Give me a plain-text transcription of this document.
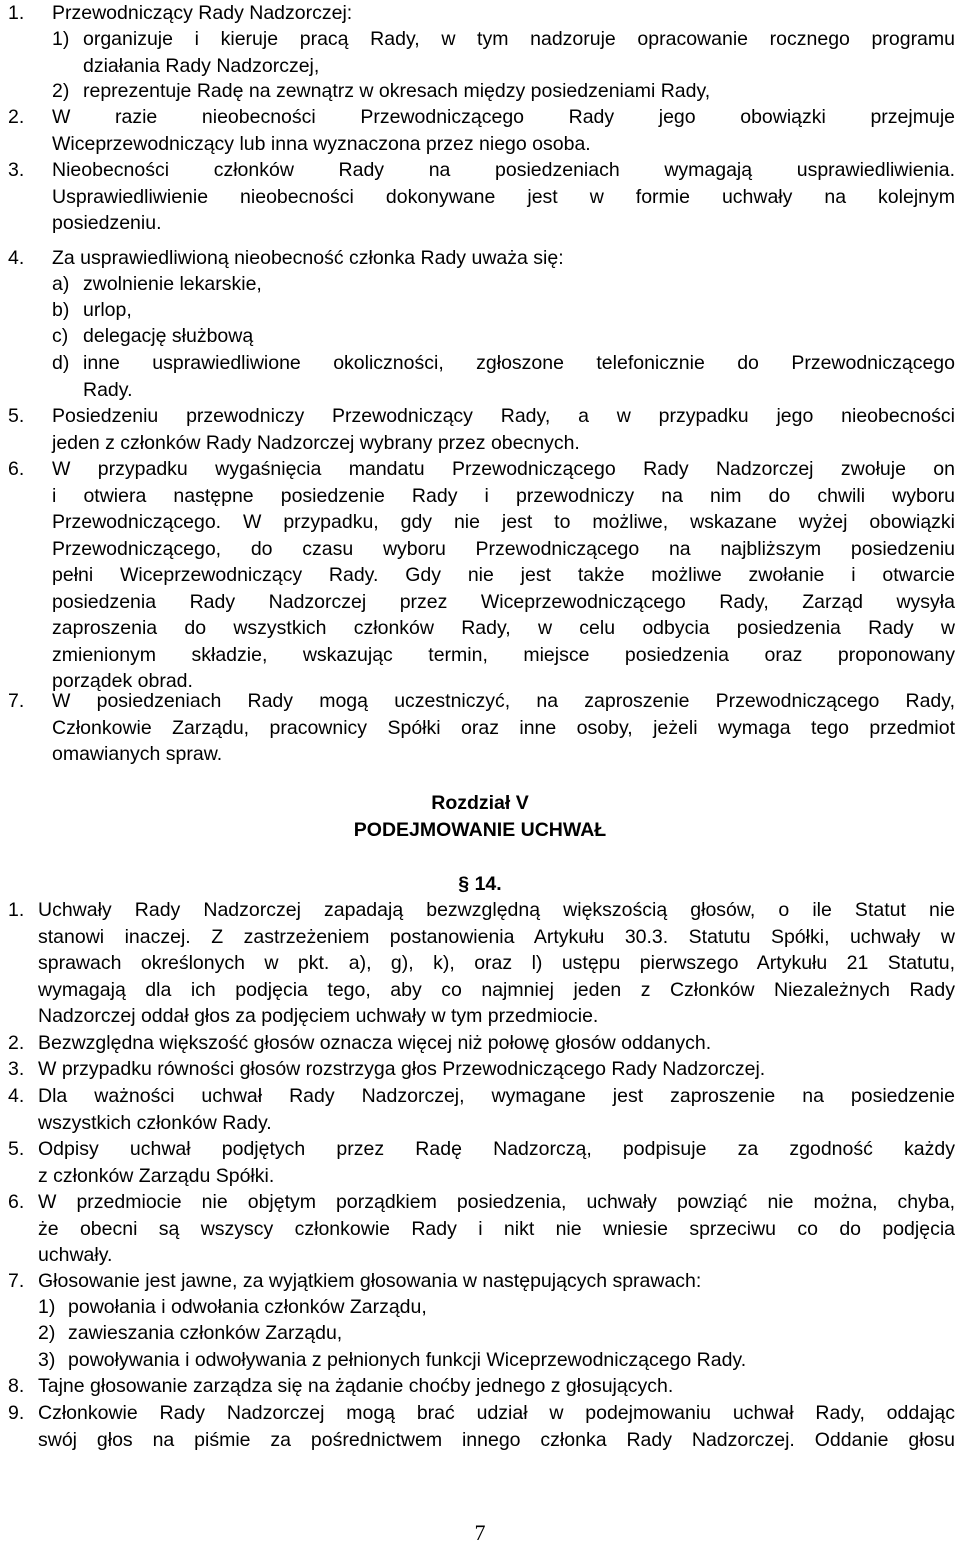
1. Przewodniczący Rady Nadzorczej:
1) organizuje i kieruje pracą Rady, w tym nadzoruje opracowanie rocznego programu
działania Rady Nadzorczej,
2) reprezentuje Radę na zewnątrz w okresach między posiedzeniami Rady,
2. W razie nieobecności Przewodniczącego Rady jego obowiązki przejmuje
Wiceprzewodniczący lub inna wyznaczona przez niego osoba.
3. Nieobecności członków Rady na posiedzeniach wymagają usprawiedliwienia.
Usprawiedliwienie nieobecności dokonywane jest w formie uchwały na kolejnym
posiedzeniu.
4. Za usprawiedliwioną nieobecność członka Rady uważa się:
a) zwolnienie lekarskie,
b) urlop,
c) delegację służbową
d) inne usprawiedliwione okoliczności, zgłoszone telefonicznie do Przewodniczącego
Rady.
5. Posiedzeniu przewodniczy Przewodniczący Rady, a w przypadku jego nieobecności
jeden z członków Rady Nadzorczej wybrany przez obecnych.
6. W przypadku wygaśnięcia mandatu Przewodniczącego Rady Nadzorczej zwołuje on
i otwiera następne posiedzenie Rady i przewodniczy na nim do chwili wyboru
Przewodniczącego. W przypadku, gdy nie jest to możliwe, wskazane wyżej obowiązki
Przewodniczącego, do czasu wyboru Przewodniczącego na najbliższym posiedzeniu
pełni Wiceprzewodniczący Rady. Gdy nie jest także możliwe zwołanie i otwarcie
posiedzenia Rady Nadzorczej przez Wiceprzewodniczącego Rady, Zarząd wysyła
zaproszenia do wszystkich członków Rady, w celu odbycia posiedzenia Rady w
zmienionym składzie, wskazując termin, miejsce posiedzenia oraz proponowany
porządek obrad.
7. W posiedzeniach Rady mogą uczestniczyć, na zaproszenie Przewodniczącego Rady,
Członkowie Zarządu, pracownicy Spółki oraz inne osoby, jeżeli wymaga tego przedmiot
omawianych spraw.
1. Uchwały Rady Nadzorczej zapadają bezwzględną większością głosów, o ile Statut nie
stanowi inaczej. Z zastrzeżeniem postanowienia Artykułu 30.3. Statutu Spółki, uchwały w
sprawach określonych w pkt. a), g), k), oraz l) ustępu pierwszego Artykułu 21 Statutu,
wymagają dla ich podjęcia tego, aby co najmniej jeden z Członków Niezależnych Rady
Nadzorczej oddał głos za podjęciem uchwały w tym przedmiocie.
2. Bezwzględna większość głosów oznacza więcej niż połowę głosów oddanych.
3. W przypadku równości głosów rozstrzyga głos Przewodniczącego Rady Nadzorczej.
4. Dla ważności uchwał Rady Nadzorczej, wymagane jest zaproszenie na posiedzenie
wszystkich członków Rady.
5. Odpisy uchwał podjętych przez Radę Nadzorczą, podpisuje za zgodność każdy
z członków Zarządu Spółki.
6. W przedmiocie nie objętym porządkiem posiedzenia, uchwały powziąć nie można, chyba,
że obecni są wszyscy członkowie Rady i nikt nie wniesie sprzeciwu co do podjęcia
uchwały.
7. Głosowanie jest jawne, za wyjątkiem głosowania w następujących sprawach:
1) powołania i odwołania członków Zarządu,
2) zawieszania członków Zarządu,
3) powoływania i odwoływania z pełnionych funkcji Wiceprzewodniczącego Rady.
8. Tajne głosowanie zarządza się na żądanie choćby jednego z głosujących.
9. Członkowie Rady Nadzorczej mogą brać udział w podejmowaniu uchwał Rady, oddając
swój głos na piśmie za pośrednictwem innego członka Rady Nadzorczej. Oddanie głosu
Rozdział V
PODEJMOWANIE UCHWAŁ
§ 14.
7
